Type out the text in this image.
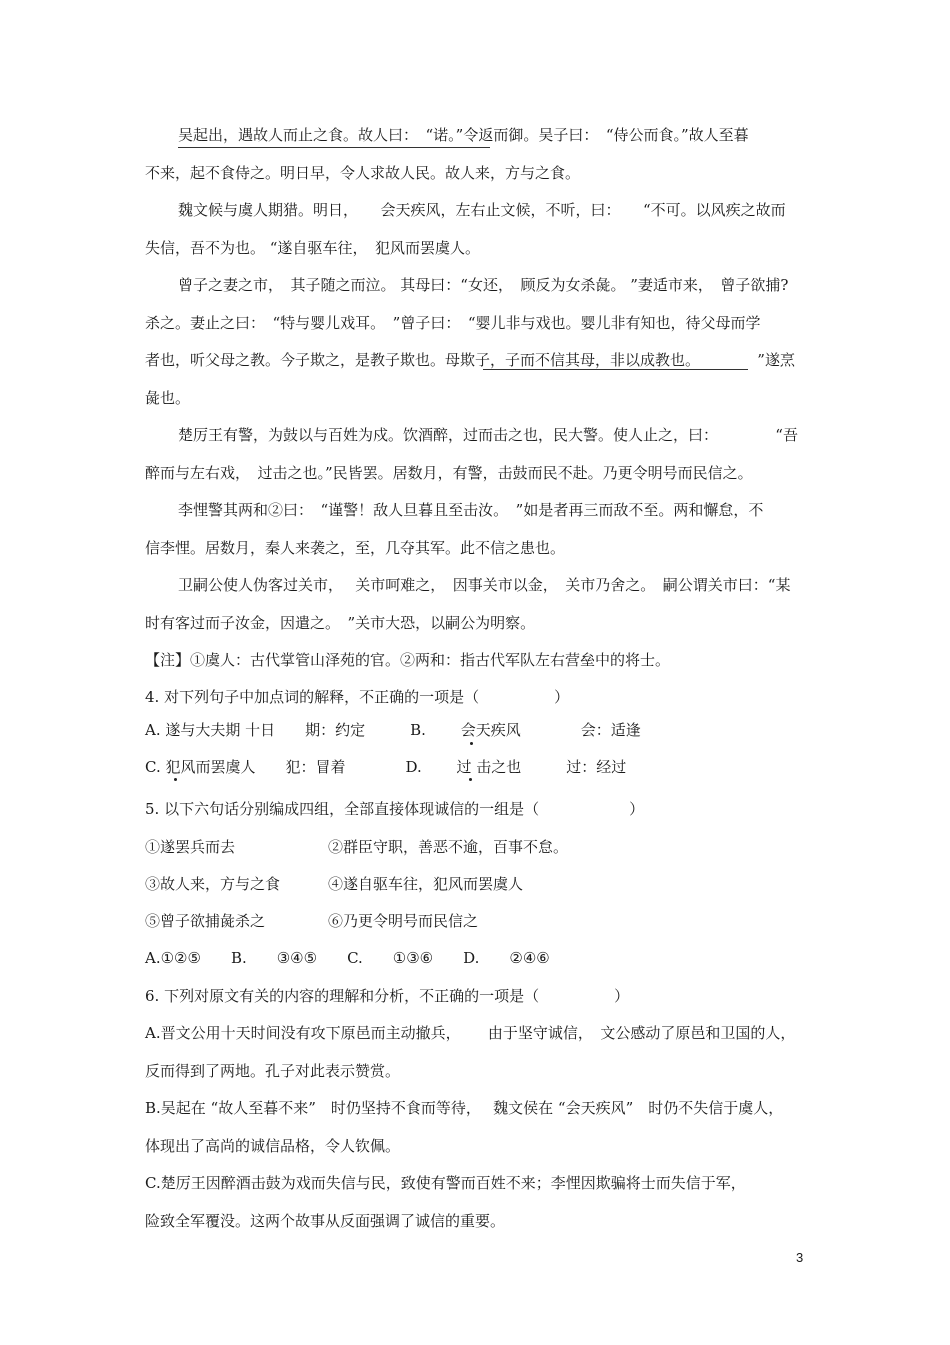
吴起出，遇故人而止之食。故人曰：　“诺。”令返而御。吴子曰：　“侍公而食。”故人至暮
不来，起不食侍之。明日早，令人求故人民。故人来，方与之食。
魏文候与虞人期猎。明日，　　会天疾风，左右止文候，不听，曰：　　“不可。以风疾之故而
失信，吾不为也。 “遂自驱车往，　犯风而罢虞人。
曾子之妻之市，　其子随之而泣。 其母曰：“女还，　顾反为女杀彘。 ”妻适市来，　曾子欲捕?
杀之。妻止之曰：　“特与婴儿戏耳。　”曾子曰：　“婴儿非与戏也。婴儿非有知也，待父母而学
者也，听父母之教。今子欺之，是教子欺也。母欺子，子而不信其母，非以成教也。　　　　 ”遂烹
彘也。
楚厉王有警，为鼓以与百姓为戍。饮酒醉，过而击之也，民大警。使人止之，曰：　　　　 “吾
醉而与左右戏，　过击之也。”民皆罢。居数月，有警，击鼓而民不赴。乃更令明号而民信之。
李悝警其两和②曰：　“谨警！敌人旦暮且至击汝。　”如是者再三而敌不至。两和懈怠，不
信李悝。居数月，秦人来袭之，至，几夺其军。此不信之患也。
卫嗣公使人伪客过关市，　 关市呵难之，　因事关市以金，　关市乃舍之。　嗣公谓关市曰：“某
时有客过而子汝金，因遣之。　”关市大恐，以嗣公为明察。
【注】①虞人：古代掌管山泽苑的官。②两和：指古代军队左右营垒中的将士。
4. 对下列句子中加点词的解释，不正确的一项是（　　　　　）
A. 遂与大夫期 十日　　期：约定　　　B.　　 会天疾风　　　　会：适逢
C. 犯风而罢虞人　　犯：冒着　　　　D.　　 过 击之也　　　过：经过
5. 以下六句话分别编成四组，全部直接体现诚信的一组是（　　　　　　）
①遂罢兵而去	②群臣守职，善恶不逾，百事不怠。
③故人来，方与之食	④遂自驱车往，犯风而罢虞人
⑤曾子欲捕彘杀之	⑥乃更令明号而民信之
A.①②⑤　　B.　　③④⑤　　C.　　①③⑥　　D.　　②④⑥
6. 下列对原文有关的内容的理解和分析，不正确的一项是（　　　　　）
A.晋文公用十天时间没有攻下原邑而主动撤兵，　　 由于坚守诚信，　文公感动了原邑和卫国的人，
反而得到了两地。孔子对此表示赞赏。
B.吴起在 “故人至暮不来”　时仍坚持不食而等待，　 魏文侯在 “会天疾风”　时仍不失信于虞人，
体现出了高尚的诚信品格，令人钦佩。
C.楚厉王因醉酒击鼓为戏而失信与民，致使有警而百姓不来；李悝因欺骗将士而失信于军，
险致全军覆没。这两个故事从反面强调了诚信的重要。
3
